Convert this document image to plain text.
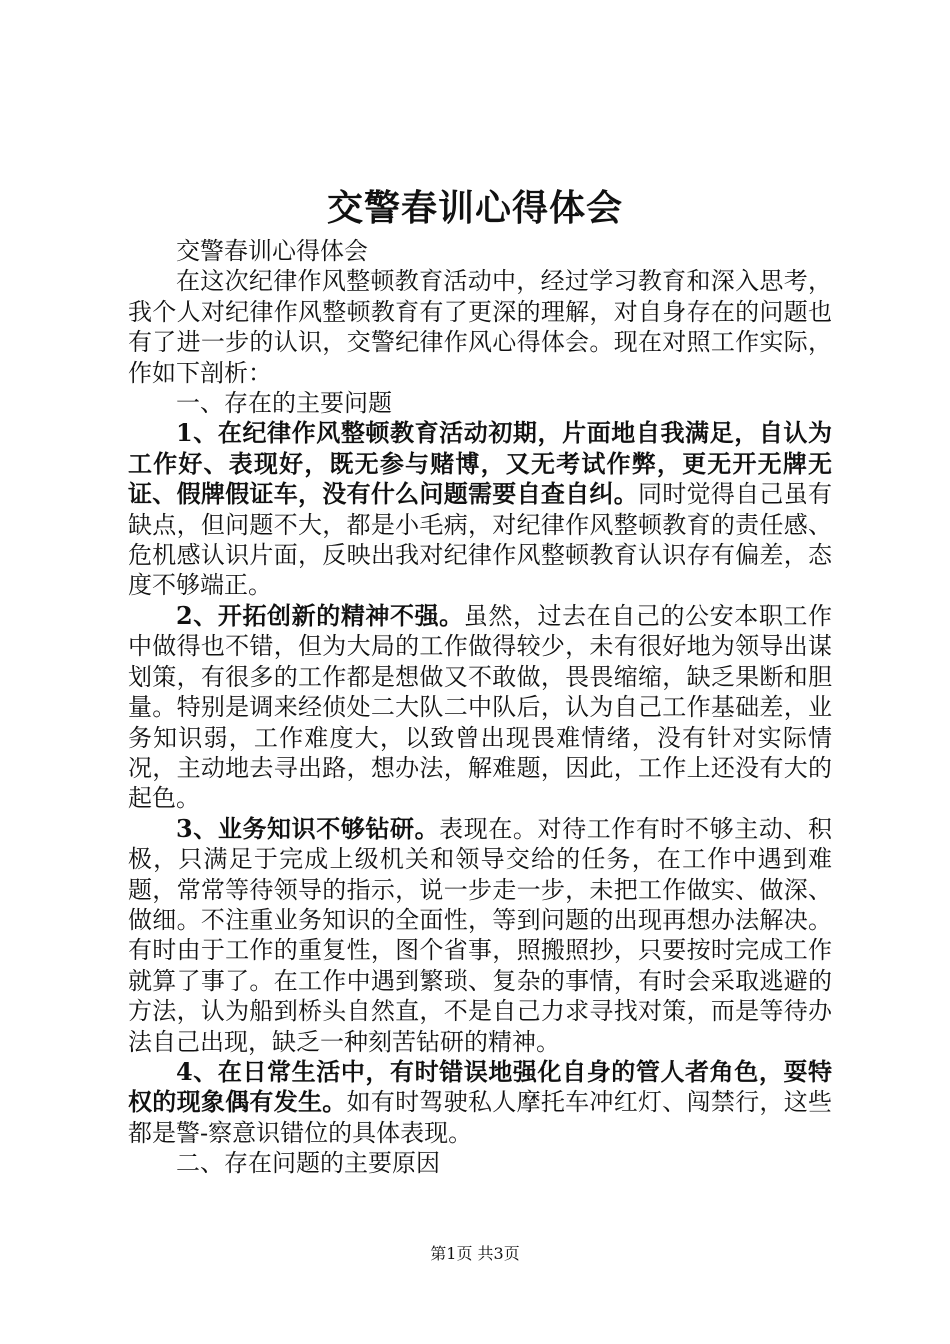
交警春训心得体会

交警春训心得体会

在这次纪律作风整顿教育活动中，经过学习教育和深入思考，我个人对纪律作风整顿教育有了更深的理解，对自身存在的问题也有了进一步的认识，交警纪律作风心得体会。现在对照工作实际，作如下剖析：

一、存在的主要问题

1、在纪律作风整顿教育活动初期，片面地自我满足，自认为工作好、表现好，既无参与赌博，又无考试作弊，更无开无牌无证、假牌假证车，没有什么问题需要自查自纠。同时觉得自己虽有缺点，但问题不大，都是小毛病，对纪律作风整顿教育的责任感、危机感认识片面，反映出我对纪律作风整顿教育认识存有偏差，态度不够端正。

2、开拓创新的精神不强。虽然，过去在自己的公安本职工作中做得也不错，但为大局的工作做得较少，未有很好地为领导出谋划策，有很多的工作都是想做又不敢做，畏畏缩缩，缺乏果断和胆量。特别是调来经侦处二大队二中队后，认为自己工作基础差，业务知识弱，工作难度大，以致曾出现畏难情绪，没有针对实际情况，主动地去寻出路，想办法，解难题，因此，工作上还没有大的起色。

3、业务知识不够钻研。表现在。对待工作有时不够主动、积极，只满足于完成上级机关和领导交给的任务，在工作中遇到难题，常常等待领导的指示，说一步走一步，未把工作做实、做深、做细。不注重业务知识的全面性，等到问题的出现再想办法解决。有时由于工作的重复性，图个省事，照搬照抄，只要按时完成工作就算了事了。在工作中遇到繁琐、复杂的事情，有时会采取逃避的方法，认为船到桥头自然直，不是自己力求寻找对策，而是等待办法自己出现，缺乏一种刻苦钻研的精神。

4、在日常生活中，有时错误地强化自身的管人者角色，耍特权的现象偶有发生。如有时驾驶私人摩托车冲红灯、闯禁行，这些都是警-察意识错位的具体表现。

二、存在问题的主要原因

第1页 共3页
